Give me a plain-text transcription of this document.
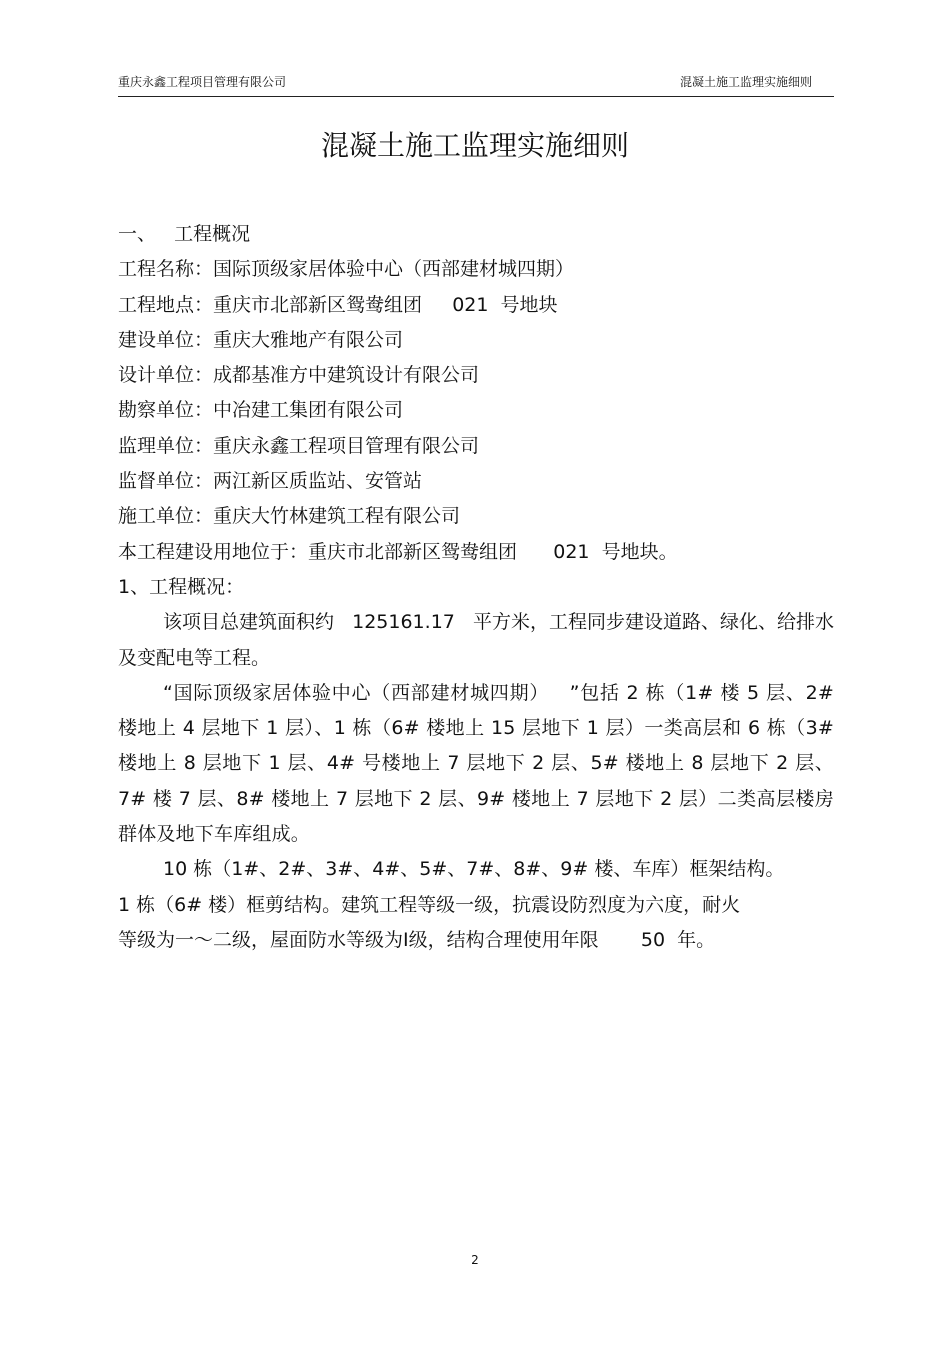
重庆永鑫工程项目管理有限公司	混凝土施工监理实施细则
混凝土施工监理实施细则
一、   工程概况
工程名称：国际顶级家居体验中心（西部建材城四期）
工程地点：重庆市北部新区鸳鸯组团     021  号地块
建设单位：重庆大雅地产有限公司
设计单位：成都基准方中建筑设计有限公司
勘察单位：中冶建工集团有限公司
监理单位：重庆永鑫工程项目管理有限公司
监督单位：两江新区质监站、安管站
施工单位：重庆大竹林建筑工程有限公司
本工程建设用地位于：重庆市北部新区鸳鸯组团      021  号地块。
1、工程概况：
该项目总建筑面积约   125161.17   平方米，工程同步建设道路、绿化、给排水及变配电等工程。
“国际顶级家居体验中心（西部建材城四期）   ”包括 2 栋（1# 楼 5 层、2# 楼地上 4 层地下 1 层）、1 栋（6# 楼地上 15 层地下 1 层）一类高层和 6 栋（3# 楼地上 8 层地下 1 层、4# 号楼地上 7 层地下 2 层、5# 楼地上 8 层地下 2 层、7# 楼 7 层、8# 楼地上 7 层地下 2 层、9# 楼地上 7 层地下 2 层）二类高层楼房群体及地下车库组成。
10 栋（1#、2#、3#、4#、5#、7#、8#、9# 楼、车库）框架结构。
1 栋（6# 楼）框剪结构。建筑工程等级一级，抗震设防烈度为六度，耐火
等级为一～二级，屋面防水等级为Ⅰ级，结构合理使用年限       50  年。
2
